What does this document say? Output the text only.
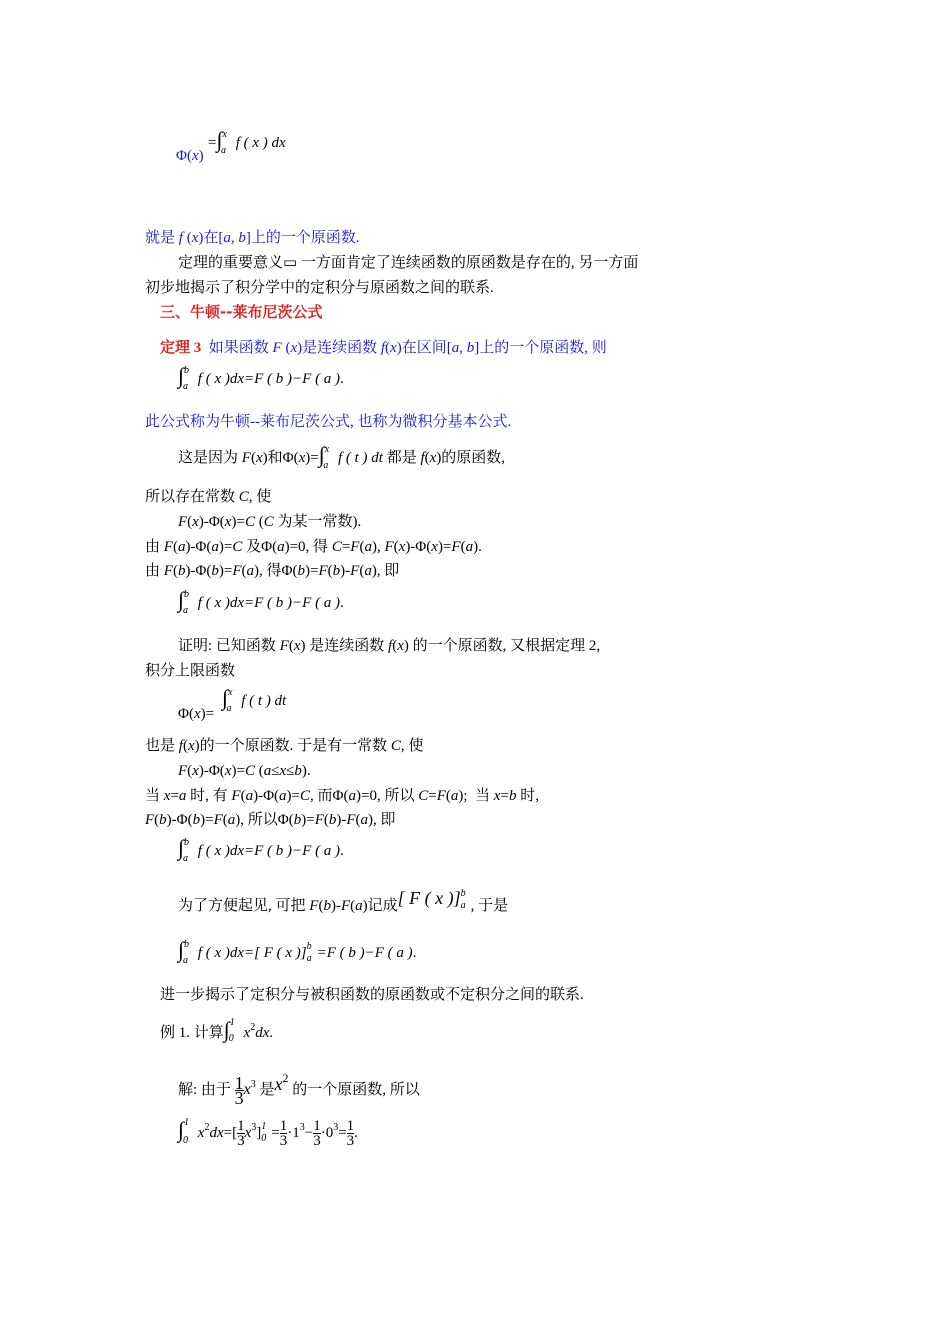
Φ(x)
=∫$^x_a$ f ( x ) dx
就是 f (x)在[a, b]上的一个原函数.
定理的重要意义▭ 一方面肯定了连续函数的原函数是存在的, 另一方面
初步地揭示了积分学中的定积分与原函数之间的联系.
三、牛顿--莱布尼茨公式
定理 3  如果函数 F (x)是连续函数 f(x)在区间[a, b]上的一个原函数, 则
∫$^b_a$ f ( x )dx=F ( b )−F ( a ).
此公式称为牛顿--莱布尼茨公式, 也称为微积分基本公式.
这是因为 F(x)和Φ(x)=∫$^x_a$ f ( t ) dt 都是 f(x)的原函数,
所以存在常数 C, 使
F(x)-Φ(x)=C (C 为某一常数).
由 F(a)-Φ(a)=C 及Φ(a)=0, 得 C=F(a), F(x)-Φ(x)=F(a).
由 F(b)-Φ(b)=F(a), 得Φ(b)=F(b)-F(a), 即
∫$^b_a$ f ( x )dx=F ( b )−F ( a ).
证明: 已知函数 F(x) 是连续函数 f(x) 的一个原函数, 又根据定理 2,
积分上限函数
Φ(x)=
∫$^x_a$ f ( t ) dt
也是 f(x)的一个原函数. 于是有一常数 C, 使
F(x)-Φ(x)=C (a≤x≤b).
当 x=a 时, 有 F(a)-Φ(a)=C, 而Φ(a)=0, 所以 C=F(a);  当 x=b 时,
F(b)-Φ(b)=F(a), 所以Φ(b)=F(b)-F(a), 即
∫$^b_a$ f ( x )dx=F ( b )−F ( a ).
为了方便起见, 可把 F(b)-F(a)记成[ F ( x )]$^b$a , 于是
∫$^b_a$ f ( x )dx=[ F ( x )]$^b_a$ =F ( b )−F ( a ).
进一步揭示了定积分与被积函数的原函数或不定积分之间的联系.
例 1. 计算∫$^1_0$ $x^2dx$.
解: 由于 $\frac{1}{3} x^3$ 是$x^2$ 的一个原函数, 所以
∫$^1_0$ $x^2dx=[ \frac{1}{3} x^3]^1_0 = \frac{1}{3} \cdot 1^3- \frac{1}{3} \cdot 0^3= \frac{1}{3}$ .
